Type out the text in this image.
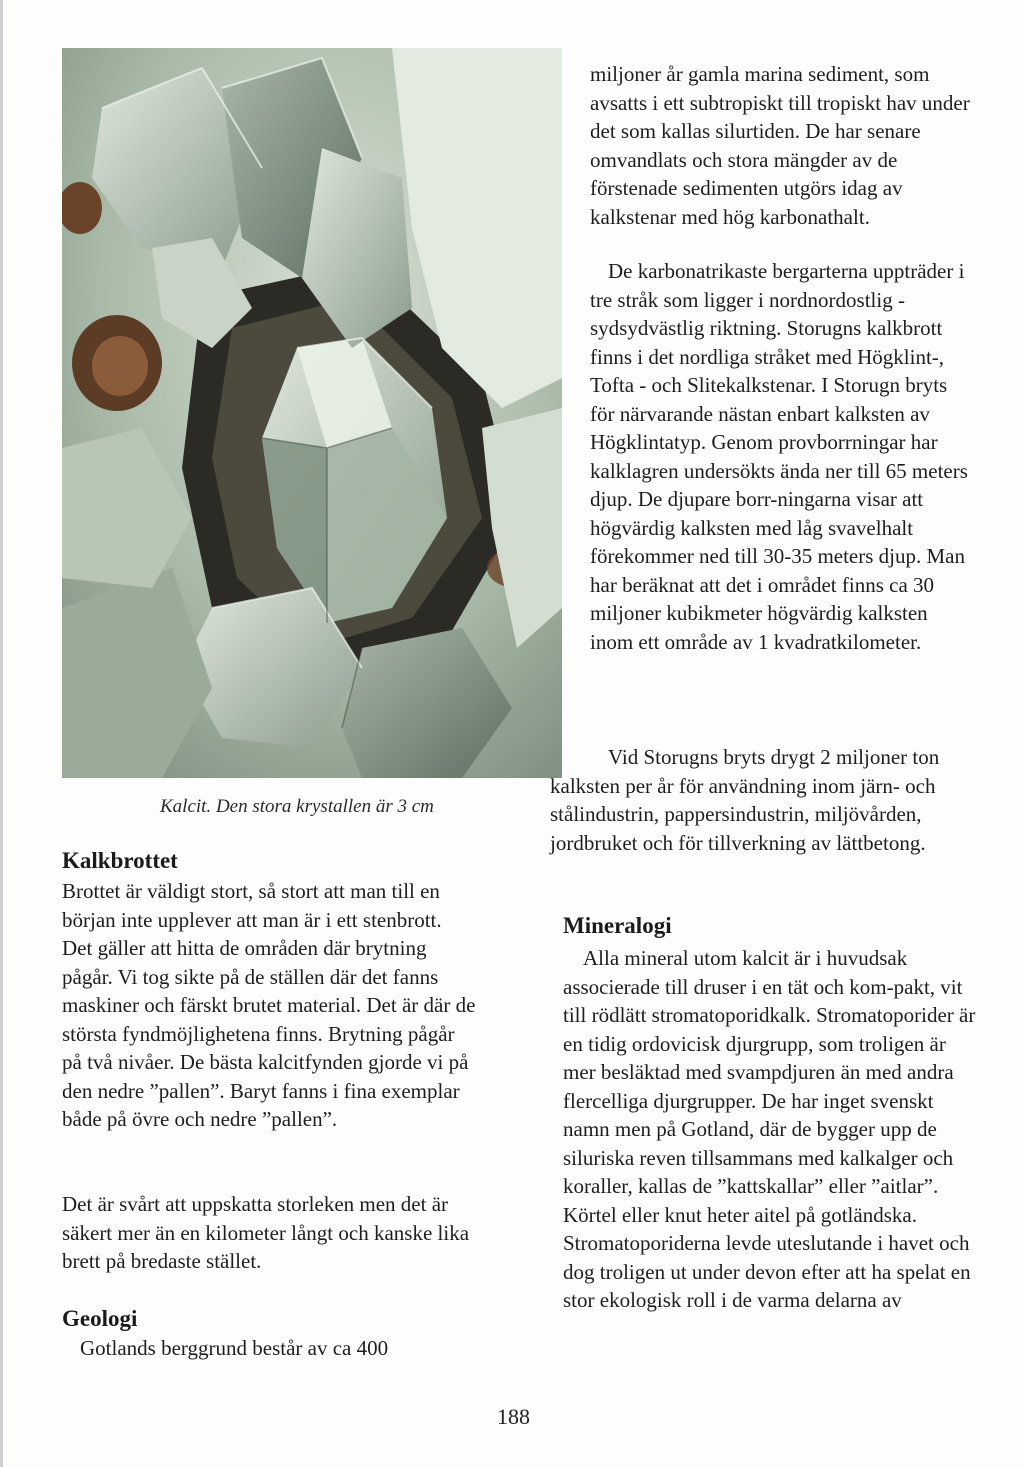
Kalcit. Den stora krystallen är 3 cm
Kalkbrottet

Brottet är väldigt stort, så stort att man till en början inte upplever att man är i ett stenbrott. Det gäller att hitta de områden där brytning pågår. Vi tog sikte på de ställen där det fanns maskiner och färskt brutet material. Det är där de största fyndmöjlighetena finns. Brytning pågår på två nivåer. De bästa kalcitfynden gjorde vi på den nedre ”pallen”. Baryt fanns i fina exemplar både på övre och nedre ”pallen”.

Det är svårt att uppskatta storleken men det är säkert mer än en kilometer långt och kanske lika brett på bredaste stället.

Geologi

Gotlands berggrund består av ca 400

miljoner år gamla marina sediment, som avsatts i ett subtropiskt till tropiskt hav under det som kallas silurtiden. De har senare omvandlats och stora mängder av de förstenade sedimenten utgörs idag av kalkstenar med hög karbonathalt.

De karbonatrikaste bergarterna uppträder i tre stråk som ligger i nordnordostlig -sydsydvästlig riktning. Storugns kalkbrott finns i det nordliga stråket med Högklint-, Tofta - och Slitekalkstenar. I Storugn bryts för närvarande nästan enbart kalksten av Högklintatyp. Genom provborrningar har kalklagren undersökts ända ner till 65 meters djup. De djupare borr-ningarna visar att högvärdig kalksten med låg svavelhalt förekommer ned till 30-35 meters djup. Man har beräknat att det i området finns ca 30 miljoner kubikmeter högvärdig kalksten inom ett område av 1 kvadratkilometer.

Vid Storugns bryts drygt 2 miljoner ton kalksten per år för användning inom järn- och stålindustrin, pappersindustrin, miljövården, jordbruket och för tillverkning av lättbetong.

Mineralogi

Alla mineral utom kalcit är i huvudsak associerade till druser i en tät och kom-pakt, vit till rödlätt stromatoporidkalk. Stromatoporider är en tidig ordovicisk djurgrupp, som troligen är mer besläktad med svampdjuren än med andra flercelliga djurgrupper. De har inget svenskt namn men på Gotland, där de bygger upp de siluriska reven tillsammans med kalkalger och koraller, kallas de ”kattskallar” eller ”aitlar”. Körtel eller knut heter aitel på gotländska. Stromatoporiderna levde uteslutande i havet och dog troligen ut under devon efter att ha spelat en stor ekologisk roll i de varma delarna av

188
